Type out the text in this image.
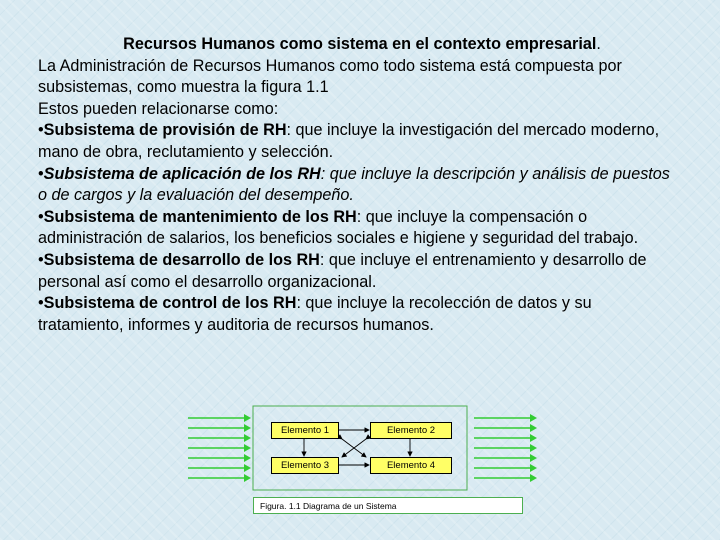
Recursos Humanos como sistema en el contexto empresarial.

La Administración de Recursos Humanos como todo sistema está compuesta por subsistemas, como muestra la figura 1.1

Estos pueden relacionarse como:

•Subsistema de provisión de RH: que incluye la investigación del mercado moderno, mano de obra, reclutamiento y selección.

•Subsistema de aplicación de los RH: que incluye la descripción y análisis de puestos o de cargos y la evaluación del desempeño.

•Subsistema de mantenimiento de los RH: que incluye la compensación o administración de salarios, los beneficios sociales e higiene y seguridad del trabajo.

•Subsistema de desarrollo de los RH: que incluye el entrenamiento y desarrollo de personal así como el desarrollo organizacional.

•Subsistema de control de los RH: que incluye la recolección de datos y su tratamiento, informes y auditoria de recursos humanos.

Elemento 1	Elemento 2
Elemento 3	Elemento 4
Figura. 1.1 Diagrama de un Sistema
